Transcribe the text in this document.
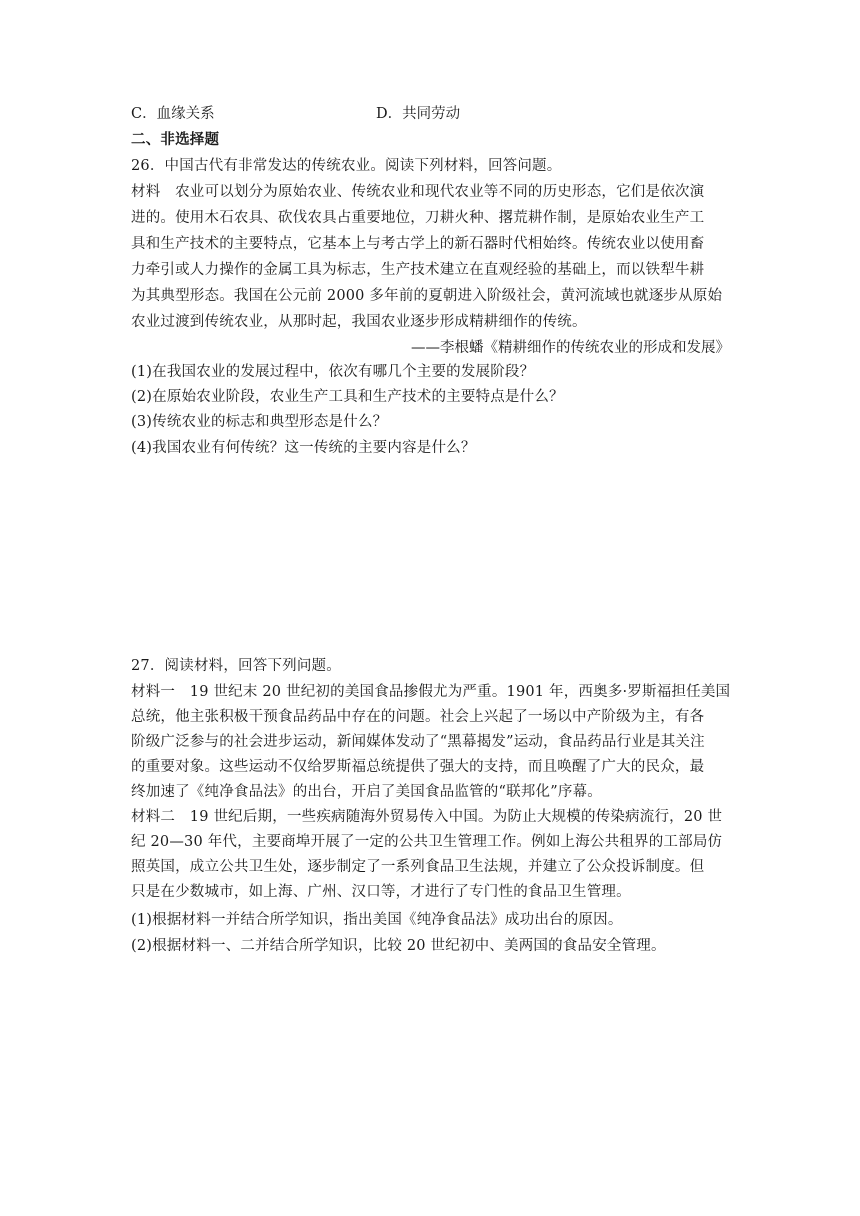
C．血缘关系	D．共同劳动
二、非选择题
26．中国古代有非常发达的传统农业。阅读下列材料，回答问题。
材料　农业可以划分为原始农业、传统农业和现代农业等不同的历史形态，它们是依次演
进的。使用木石农具、砍伐农具占重要地位，刀耕火种、撂荒耕作制，是原始农业生产工
具和生产技术的主要特点，它基本上与考古学上的新石器时代相始终。传统农业以使用畜
力牵引或人力操作的金属工具为标志，生产技术建立在直观经验的基础上，而以铁犁牛耕
为其典型形态。我国在公元前 2000 多年前的夏朝进入阶级社会，黄河流域也就逐步从原始
农业过渡到传统农业，从那时起，我国农业逐步形成精耕细作的传统。
——李根蟠《精耕细作的传统农业的形成和发展》
(1)在我国农业的发展过程中，依次有哪几个主要的发展阶段？
(2)在原始农业阶段，农业生产工具和生产技术的主要特点是什么？
(3)传统农业的标志和典型形态是什么？
(4)我国农业有何传统？这一传统的主要内容是什么？
27．阅读材料，回答下列问题。
材料一　19 世纪末 20 世纪初的美国食品掺假尤为严重。1901 年，西奥多·罗斯福担任美国
总统，他主张积极干预食品药品中存在的问题。社会上兴起了一场以中产阶级为主，有各
阶级广泛参与的社会进步运动，新闻媒体发动了“黑幕揭发”运动，食品药品行业是其关注
的重要对象。这些运动不仅给罗斯福总统提供了强大的支持，而且唤醒了广大的民众，最
终加速了《纯净食品法》的出台，开启了美国食品监管的“联邦化”序幕。
材料二　19 世纪后期，一些疾病随海外贸易传入中国。为防止大规模的传染病流行，20 世
纪 20—30 年代，主要商埠开展了一定的公共卫生管理工作。例如上海公共租界的工部局仿
照英国，成立公共卫生处，逐步制定了一系列食品卫生法规，并建立了公众投诉制度。但
只是在少数城市，如上海、广州、汉口等，才进行了专门性的食品卫生管理。
(1)根据材料一并结合所学知识，指出美国《纯净食品法》成功出台的原因。
(2)根据材料一、二并结合所学知识，比较 20 世纪初中、美两国的食品安全管理。
